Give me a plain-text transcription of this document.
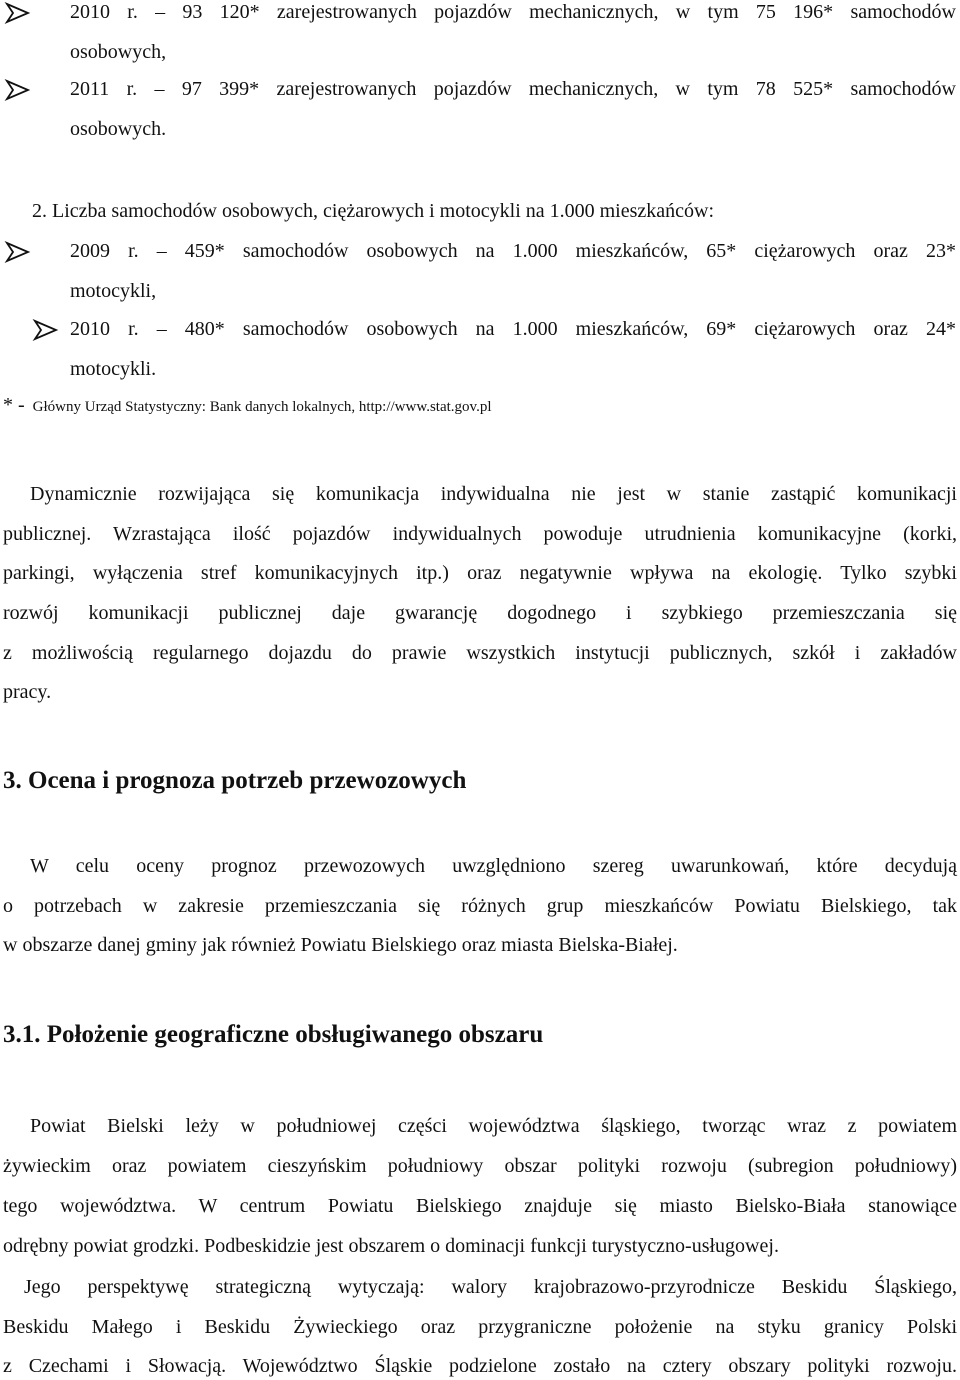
2010 r. – 93 120* zarejestrowanych pojazdów mechanicznych, w tym 75 196* samochodów
osobowych,
2011 r. – 97 399* zarejestrowanych pojazdów mechanicznych, w tym 78 525* samochodów
osobowych.
2. Liczba samochodów osobowych, ciężarowych i motocykli na 1.000 mieszkańców:
2009 r. – 459* samochodów osobowych na 1.000 mieszkańców, 65* ciężarowych oraz 23*
motocykli,
2010 r. – 480* samochodów osobowych na 1.000 mieszkańców, 69* ciężarowych oraz 24*
motocykli.
* - Główny Urząd Statystyczny: Bank danych lokalnych, http://www.stat.gov.pl
Dynamicznie rozwijająca się komunikacja indywidualna nie jest w stanie zastąpić komunikacji
publicznej. Wzrastająca ilość pojazdów indywidualnych powoduje utrudnienia komunikacyjne (korki,
parkingi, wyłączenia stref komunikacyjnych itp.) oraz negatywnie wpływa na ekologię. Tylko szybki
rozwój komunikacji publicznej daje gwarancję dogodnego i szybkiego przemieszczania się
z możliwością regularnego dojazdu do prawie wszystkich instytucji publicznych, szkół i zakładów
pracy.
3. Ocena i prognoza potrzeb przewozowych
W celu oceny prognoz przewozowych uwzględniono szereg uwarunkowań, które decydują
o potrzebach w zakresie przemieszczania się różnych grup mieszkańców Powiatu Bielskiego, tak
w obszarze danej gminy jak również Powiatu Bielskiego oraz miasta Bielska-Białej.
3.1. Położenie geograficzne obsługiwanego obszaru
Powiat Bielski leży w południowej części województwa śląskiego, tworząc wraz z powiatem
żywieckim oraz powiatem cieszyńskim południowy obszar polityki rozwoju (subregion południowy)
tego województwa. W centrum Powiatu Bielskiego znajduje się miasto Bielsko-Biała stanowiące
odrębny powiat grodzki. Podbeskidzie jest obszarem o dominacji funkcji turystyczno-usługowej.
Jego perspektywę strategiczną wytyczają: walory krajobrazowo-przyrodnicze Beskidu Śląskiego,
Beskidu Małego i Beskidu Żywieckiego oraz przygraniczne położenie na styku granicy Polski
z Czechami i Słowacją. Województwo Śląskie podzielone zostało na cztery obszary polityki rozwoju.
